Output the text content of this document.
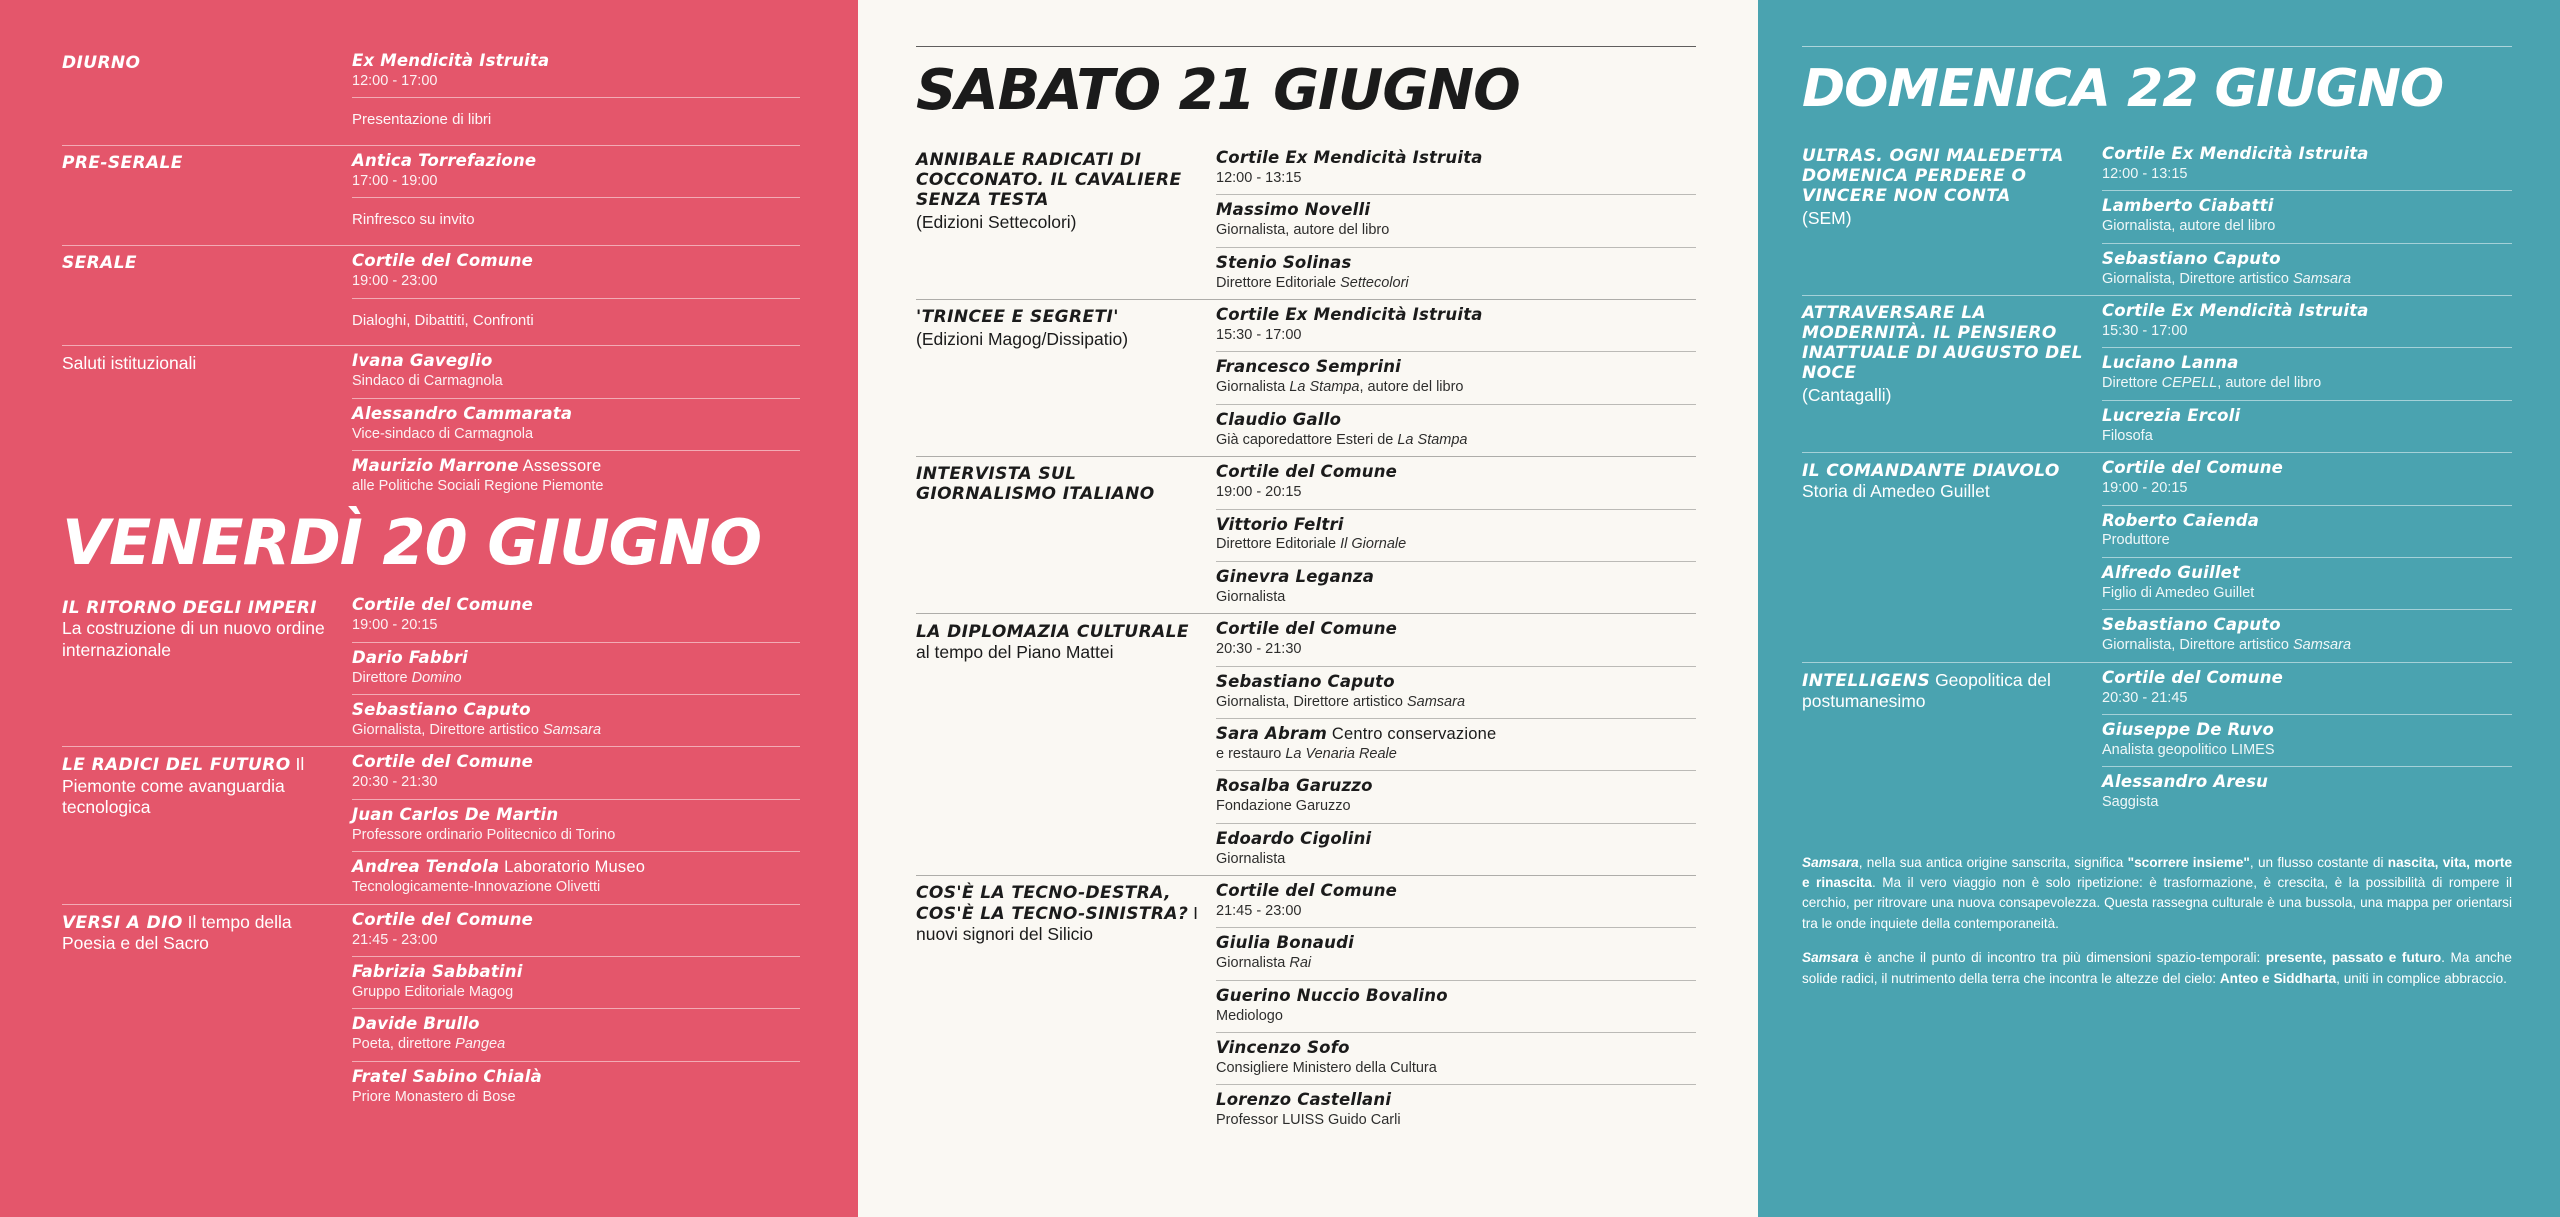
DIURNO	Ex Mendicità Istruita
12:00 - 17:00
Presentazione di libri
PRE-SERALE	Antica Torrefazione
17:00 - 19:00
Rinfresco su invito
SERALE	Cortile del Comune
19:00 - 23:00
Dialoghi, Dibattiti, Confronti
Saluti istituzionali	Ivana Gaveglio
Sindaco di Carmagnola
Alessandro Cammarata
Vice-sindaco di Carmagnola
Maurizio Marrone Assessore
alle Politiche Sociali Regione Piemonte
VENERDÌ 20 GIUGNO
IL RITORNO DEGLI IMPERI La costruzione di un nuovo ordine internazionale
Cortile del Comune
19:00 - 20:15
Dario Fabbri
Direttore Domino
Sebastiano Caputo
Giornalista, Direttore artistico Samsara
LE RADICI DEL FUTURO Il Piemonte come avanguardia tecnologica
Cortile del Comune
20:30 - 21:30
Juan Carlos De Martin
Professore ordinario Politecnico di Torino
Andrea Tendola Laboratorio Museo
Tecnologicamente-Innovazione Olivetti
VERSI A DIO Il tempo della Poesia e del Sacro
Cortile del Comune
21:45 - 23:00
Fabrizia Sabbatini
Gruppo Editoriale Magog
Davide Brullo
Poeta, direttore Pangea
Fratel Sabino Chialà
Priore Monastero di Bose
SABATO 21 GIUGNO
ANNIBALE RADICATI DI COCCONATO. IL CAVALIERE SENZA TESTA
(Edizioni Settecolori)
Cortile Ex Mendicità Istruita
12:00 - 13:15
Massimo Novelli
Giornalista, autore del libro
Stenio Solinas
Direttore Editoriale Settecolori
'TRINCEE E SEGRETI'
(Edizioni Magog/Dissipatio)
Cortile Ex Mendicità Istruita
15:30 - 17:00
Francesco Semprini
Giornalista La Stampa, autore del libro
Claudio Gallo
Già caporedattore Esteri de La Stampa
INTERVISTA SUL GIORNALISMO ITALIANO
Cortile del Comune
19:00 - 20:15
Vittorio Feltri
Direttore Editoriale Il Giornale
Ginevra Leganza
Giornalista
LA DIPLOMAZIA CULTURALE al tempo del Piano Mattei
Cortile del Comune
20:30 - 21:30
Sebastiano Caputo
Giornalista, Direttore artistico Samsara
Sara Abram Centro conservazione
e restauro La Venaria Reale
Rosalba Garuzzo
Fondazione Garuzzo
Edoardo Cigolini
Giornalista
COS'È LA TECNO-DESTRA, COS'È LA TECNO-SINISTRA? I nuovi signori del Silicio
Cortile del Comune
21:45 - 23:00
Giulia Bonaudi
Giornalista Rai
Guerino Nuccio Bovalino
Mediologo
Vincenzo Sofo
Consigliere Ministero della Cultura
Lorenzo Castellani
Professor LUISS Guido Carli
DOMENICA 22 GIUGNO
ULTRAS. OGNI MALEDETTA DOMENICA PERDERE O VINCERE NON CONTA
(SEM)
Cortile Ex Mendicità Istruita
12:00 - 13:15
Lamberto Ciabatti
Giornalista, autore del libro
Sebastiano Caputo
Giornalista, Direttore artistico Samsara
ATTRAVERSARE LA MODERNITÀ. IL PENSIERO INATTUALE DI AUGUSTO DEL NOCE
(Cantagalli)
Cortile Ex Mendicità Istruita
15:30 - 17:00
Luciano Lanna
Direttore CEPELL, autore del libro
Lucrezia Ercoli
Filosofa
IL COMANDANTE DIAVOLO Storia di Amedeo Guillet
Cortile del Comune
19:00 - 20:15
Roberto Caienda
Produttore
Alfredo Guillet
Figlio di Amedeo Guillet
Sebastiano Caputo
Giornalista, Direttore artistico Samsara
INTELLIGENS Geopolitica del postumanesimo
Cortile del Comune
20:30 - 21:45
Giuseppe De Ruvo
Analista geopolitico LIMES
Alessandro Aresu
Saggista

Samsara, nella sua antica origine sanscrita, significa "scorrere insieme", un flusso costante di nascita, vita, morte e rinascita. Ma il vero viaggio non è solo ripetizione: è trasformazione, è crescita, è la possibilità di rompere il cerchio, per ritrovare una nuova consapevolezza. Questa rassegna culturale è una bussola, una mappa per orientarsi tra le onde inquiete della contemporaneità.

Samsara è anche il punto di incontro tra più dimensioni spazio-temporali: presente, passato e futuro. Ma anche solide radici, il nutrimento della terra che incontra le altezze del cielo: Anteo e Siddharta, uniti in complice abbraccio.
